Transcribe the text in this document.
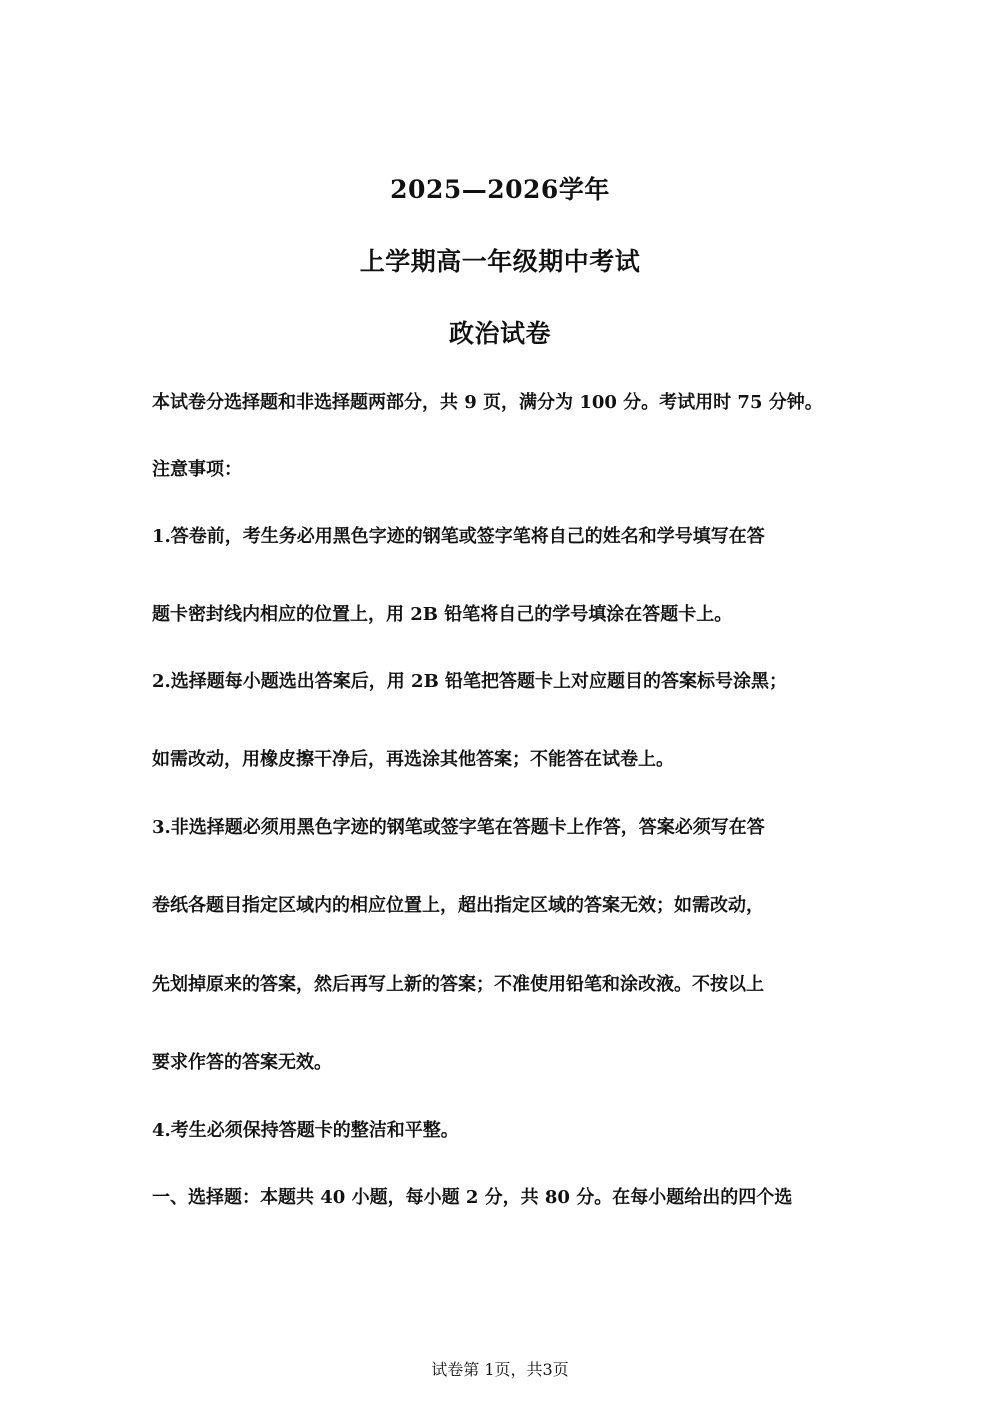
2025—2026学年
上学期高一年级期中考试
政治试卷
本试卷分选择题和非选择题两部分，共 9 页，满分为 100 分。考试用时 75 分钟。
注意事项：
1.答卷前，考生务必用黑色字迹的钢笔或签字笔将自己的姓名和学号填写在答
题卡密封线内相应的位置上，用 2B 铅笔将自己的学号填涂在答题卡上。
2.选择题每小题选出答案后，用 2B 铅笔把答题卡上对应题目的答案标号涂黑；
如需改动，用橡皮擦干净后，再选涂其他答案；不能答在试卷上。
3.非选择题必须用黑色字迹的钢笔或签字笔在答题卡上作答，答案必须写在答
卷纸各题目指定区域内的相应位置上，超出指定区域的答案无效；如需改动，
先划掉原来的答案，然后再写上新的答案；不准使用铅笔和涂改液。不按以上
要求作答的答案无效。
4.考生必须保持答题卡的整洁和平整。
一、选择题：本题共 40 小题，每小题 2 分，共 80 分。在每小题给出的四个选
试卷第 1页，共3页
